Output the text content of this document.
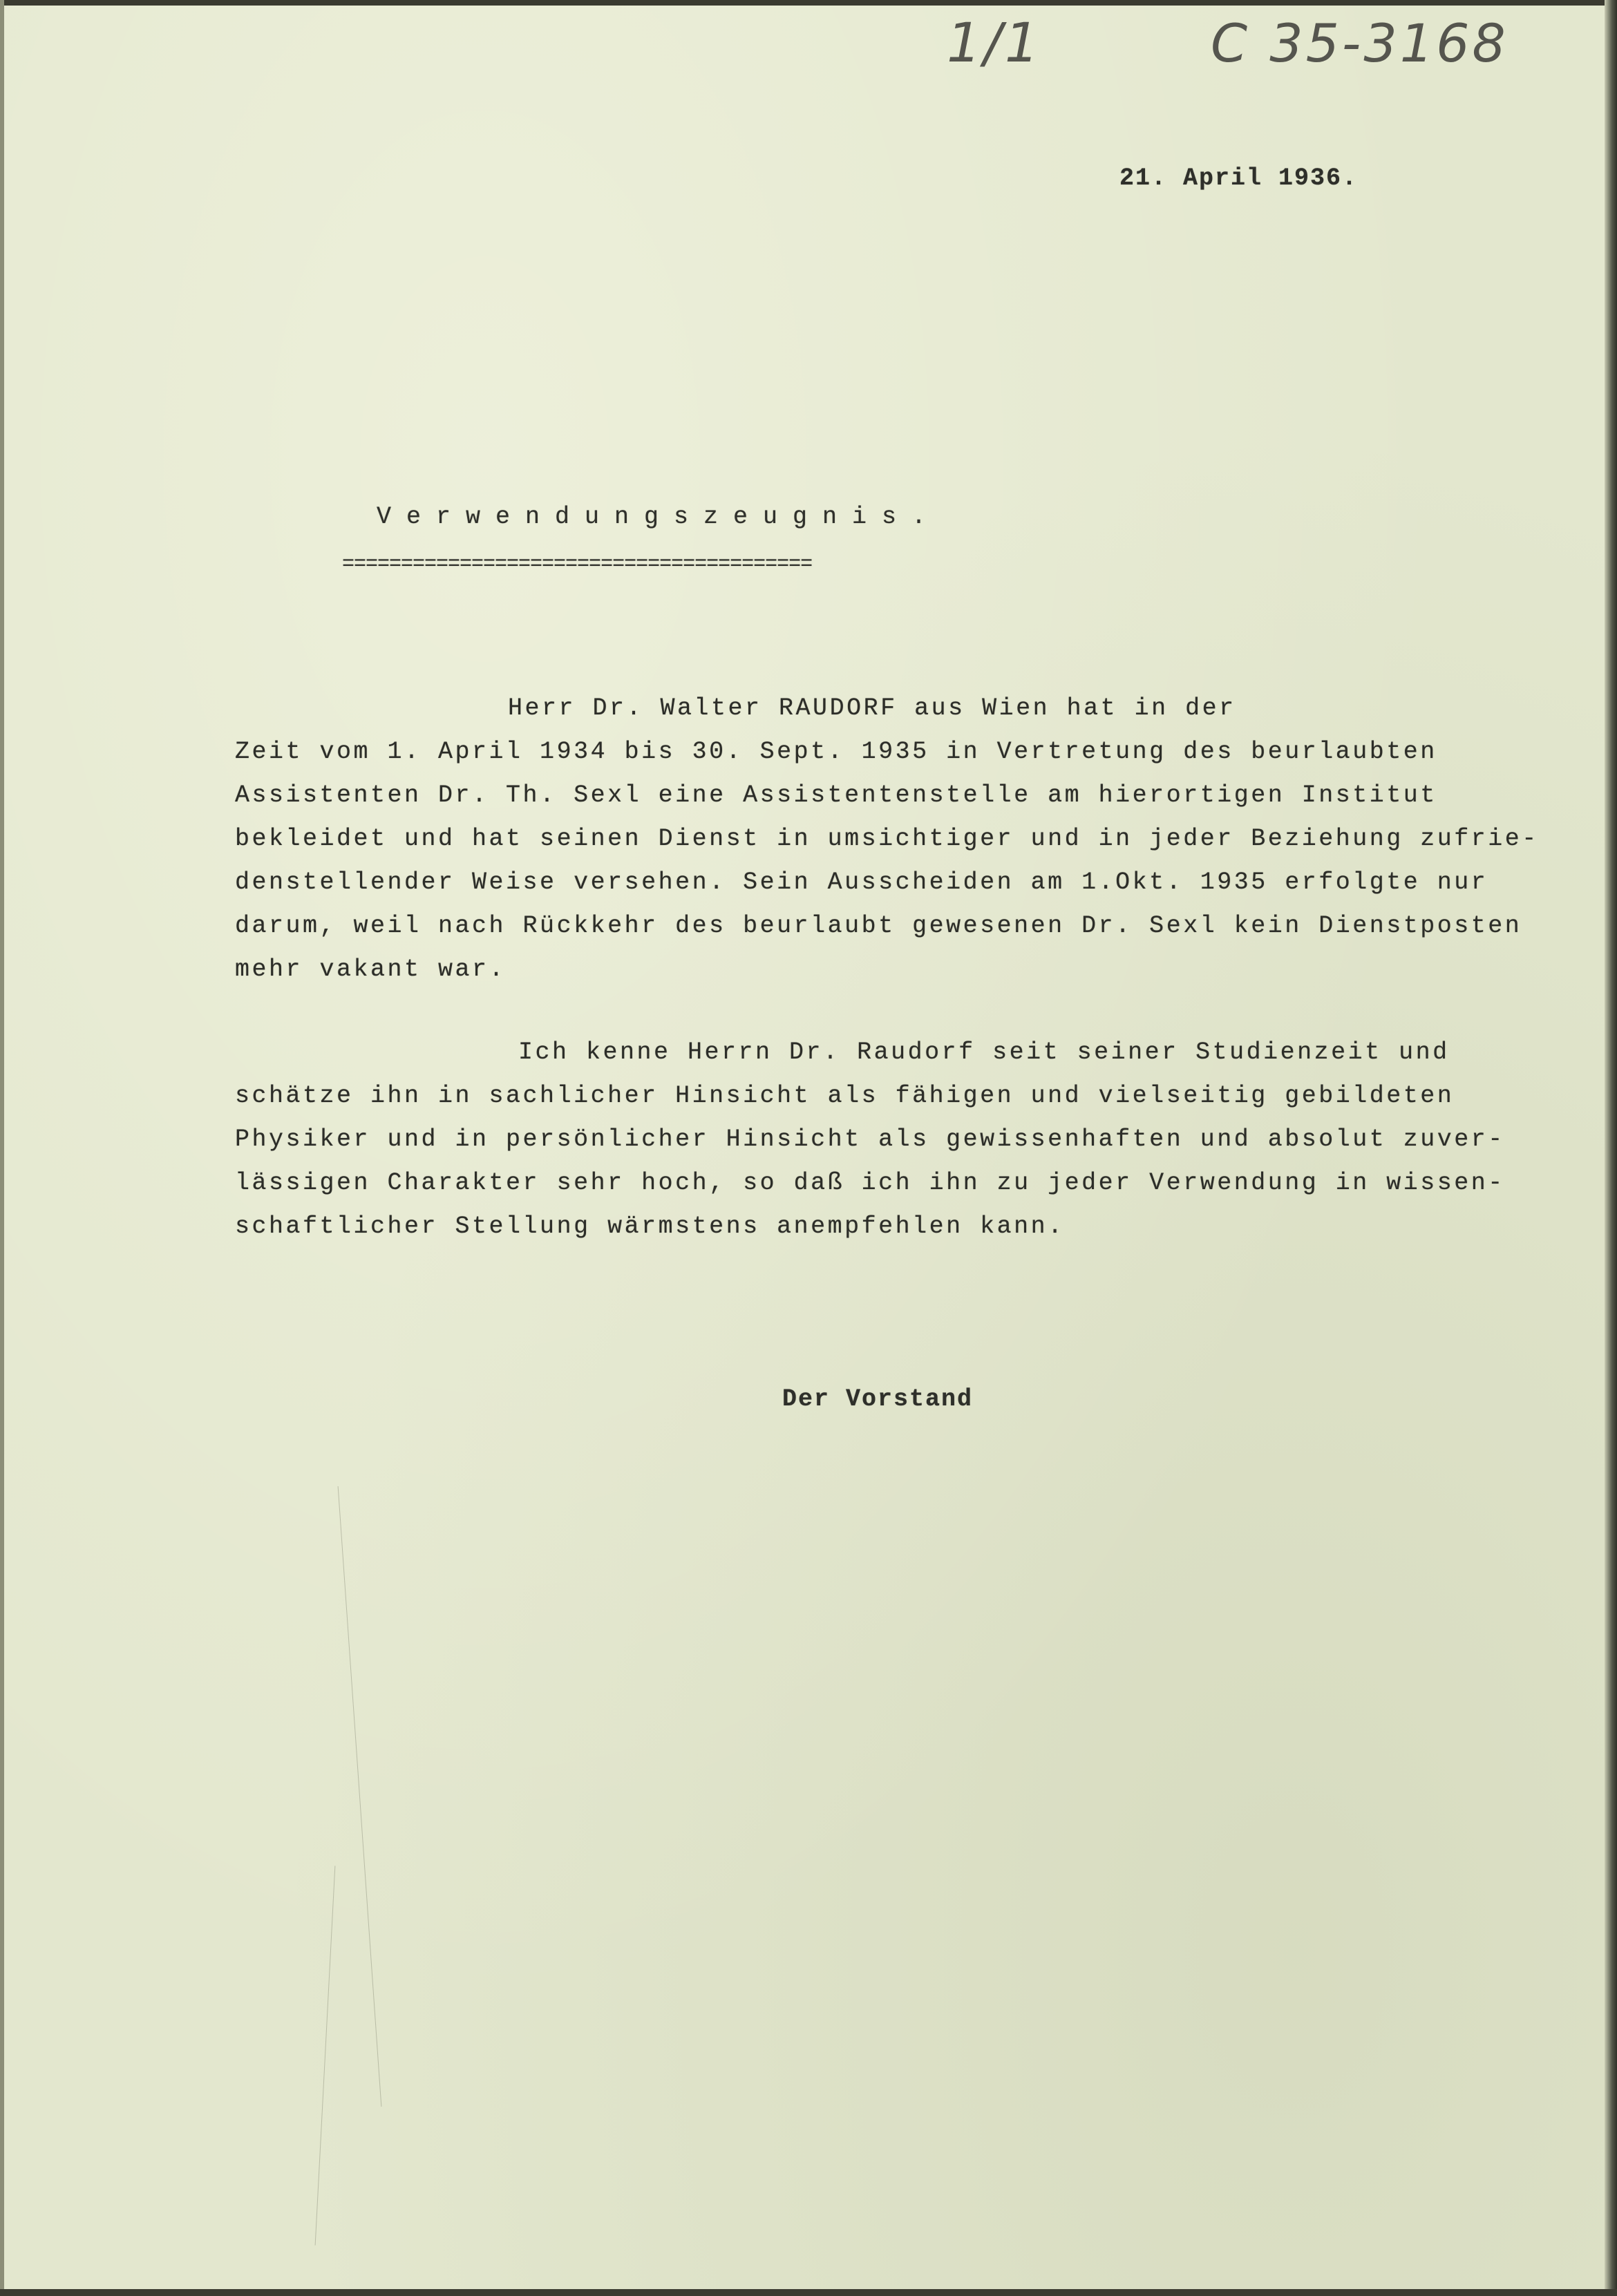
1/1	C 35-3168
21. April 1936.
Verwendungszeugnis.
========================================
Herr Dr. Walter RAUDORF aus Wien hat in der
Zeit vom 1. April 1934 bis 30. Sept. 1935 in Vertretung des beurlaubten
Assistenten Dr. Th. Sexl eine Assistentenstelle am hierortigen Institut
bekleidet und hat seinen Dienst in umsichtiger und in jeder Beziehung zufrie-
denstellender Weise versehen. Sein Ausscheiden am 1.Okt. 1935 erfolgte nur
darum, weil nach Rückkehr des beurlaubt gewesenen Dr. Sexl kein Dienstposten
mehr vakant war.
Ich kenne Herrn Dr. Raudorf seit seiner Studienzeit und
schätze ihn in sachlicher Hinsicht als fähigen und vielseitig gebildeten
Physiker und in persönlicher Hinsicht als gewissenhaften und absolut zuver-
lässigen Charakter sehr hoch, so daß ich ihn zu jeder Verwendung in wissen-
schaftlicher Stellung wärmstens anempfehlen kann.
Der Vorstand
